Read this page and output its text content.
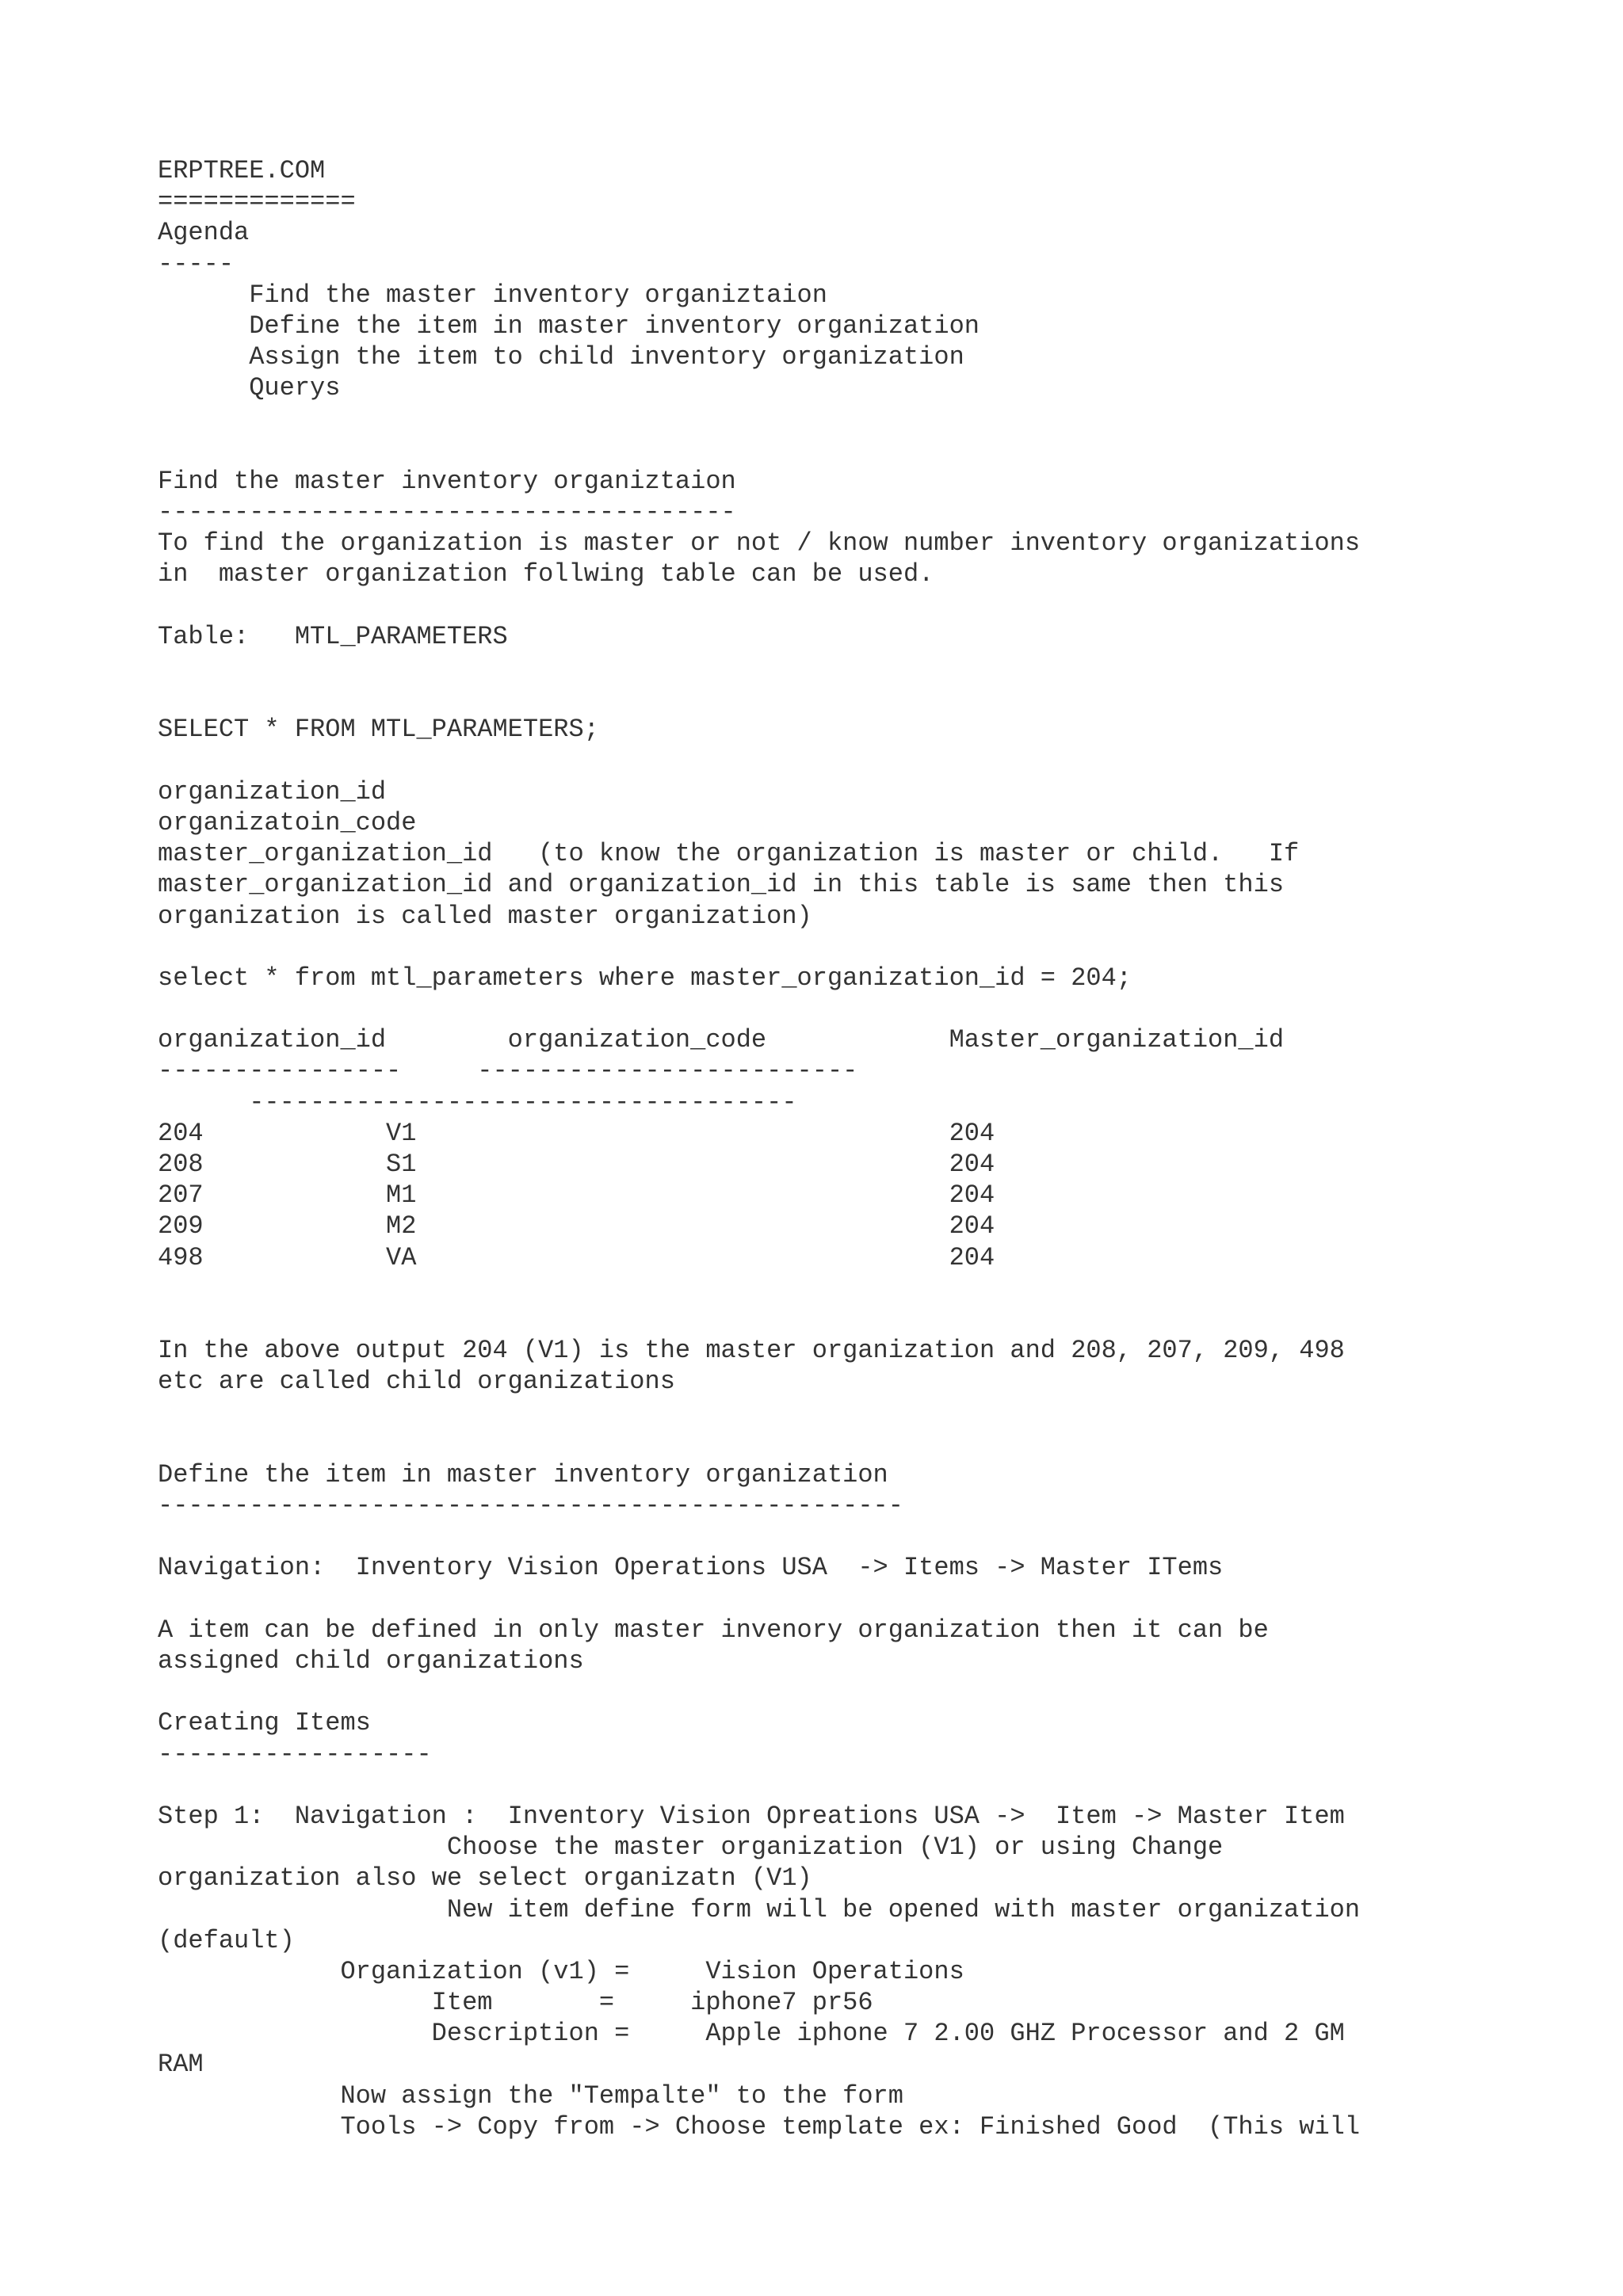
ERPTREE.COM
=============
Agenda
-----
Find the master inventory organiztaion
Define the item in master inventory organization
Assign the item to child inventory organization
Querys
Find the master inventory organiztaion
--------------------------------------
To find the organization is master or not / know number inventory organizations
in  master organization follwing table can be used.
Table:   MTL_PARAMETERS
SELECT * FROM MTL_PARAMETERS;
organization_id
organizatoin_code
master_organization_id   (to know the organization is master or child.   If
master_organization_id and organization_id in this table is same then this
organization is called master organization)
select * from mtl_parameters where master_organization_id = 204;
organization_id        organization_code            Master_organization_id
----------------     -------------------------
------------------------------------
204            V1                                   204
208            S1                                   204
207            M1                                   204
209            M2                                   204
498            VA                                   204
In the above output 204 (V1) is the master organization and 208, 207, 209, 498
etc are called child organizations
Define the item in master inventory organization
-------------------------------------------------
Navigation:  Inventory Vision Operations USA  -> Items -> Master ITems
A item can be defined in only master invenory organization then it can be
assigned child organizations
Creating Items
------------------
Step 1:  Navigation :  Inventory Vision Opreations USA ->  Item -> Master Item
Choose the master organization (V1) or using Change
organization also we select organizatn (V1)
New item define form will be opened with master organization
(default)
Organization (v1) =     Vision Operations
Item       =     iphone7 pr56
Description =     Apple iphone 7 2.00 GHZ Processor and 2 GM
RAM
Now assign the "Tempalte" to the form
Tools -> Copy from -> Choose template ex: Finished Good  (This will
